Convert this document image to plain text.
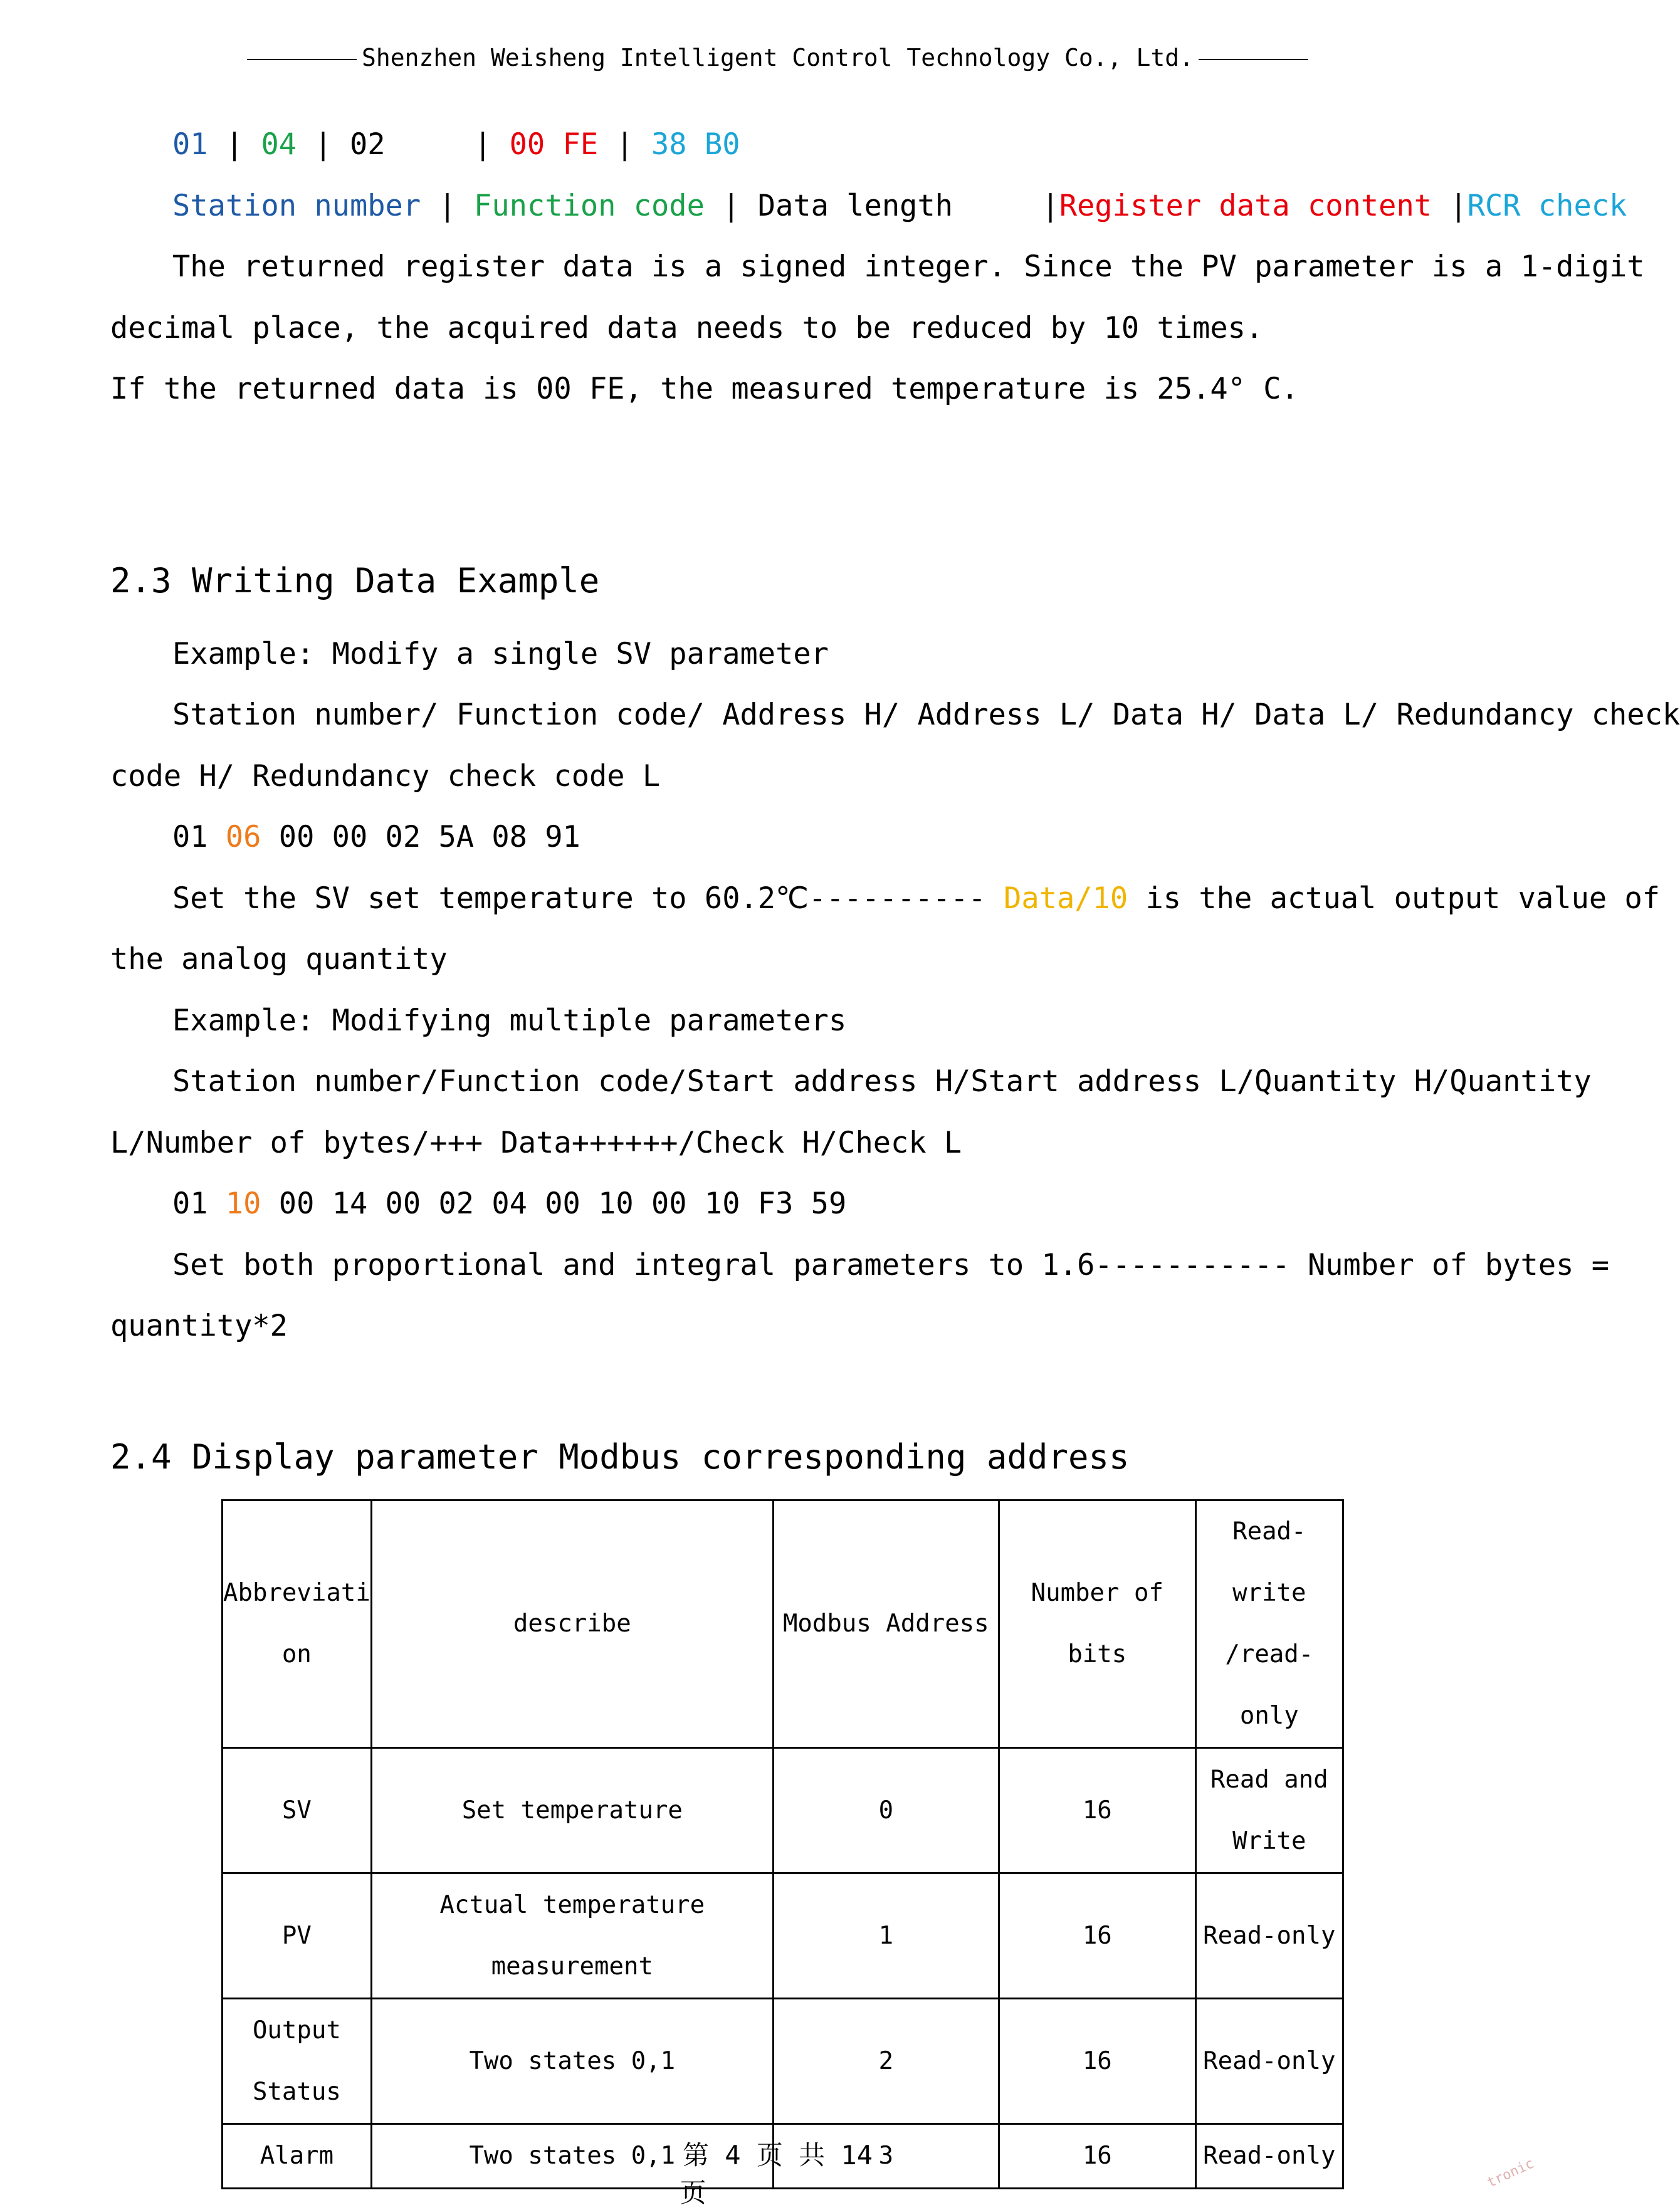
Shenzhen Weisheng Intelligent Control Technology Co., Ltd.
01 | 04 | 02     | 00 FE | 38 B0
Station number | Function code | Data length     |Register data content |RCR check
The returned register data is a signed integer. Since the PV parameter is a 1-digit
decimal place, the acquired data needs to be reduced by 10 times.
If the returned data is 00 FE, the measured temperature is 25.4° C.
2.3 Writing Data Example
Example: Modify a single SV parameter
Station number/ Function code/ Address H/ Address L/ Data H/ Data L/ Redundancy check
code H/ Redundancy check code L
01 06 00 00 02 5A 08 91
Set the SV set temperature to 60.2℃---------- Data/10 is the actual output value of
the analog quantity
Example: Modifying multiple parameters
Station number/Function code/Start address H/Start address L/Quantity H/Quantity
L/Number of bytes/+++ Data++++++/Check H/Check L
01 10 00 14 00 02 04 00 10 00 10 F3 59
Set both proportional and integral parameters to 1.6----------- Number of bytes =
quantity*2
2.4 Display parameter Modbus corresponding address
Abbreviati
on	describe	Modbus Address	Number of bits	Read-write
/read-only
SV	Set temperature	0	16	Read and
Write
PV	Actual temperature
measurement	1	16	Read-only
Output
Status	Two states 0,1	2	16	Read-only
Alarm	Two states 0,1	3	16	Read-only
第 4 页 共 14
页
tronic
